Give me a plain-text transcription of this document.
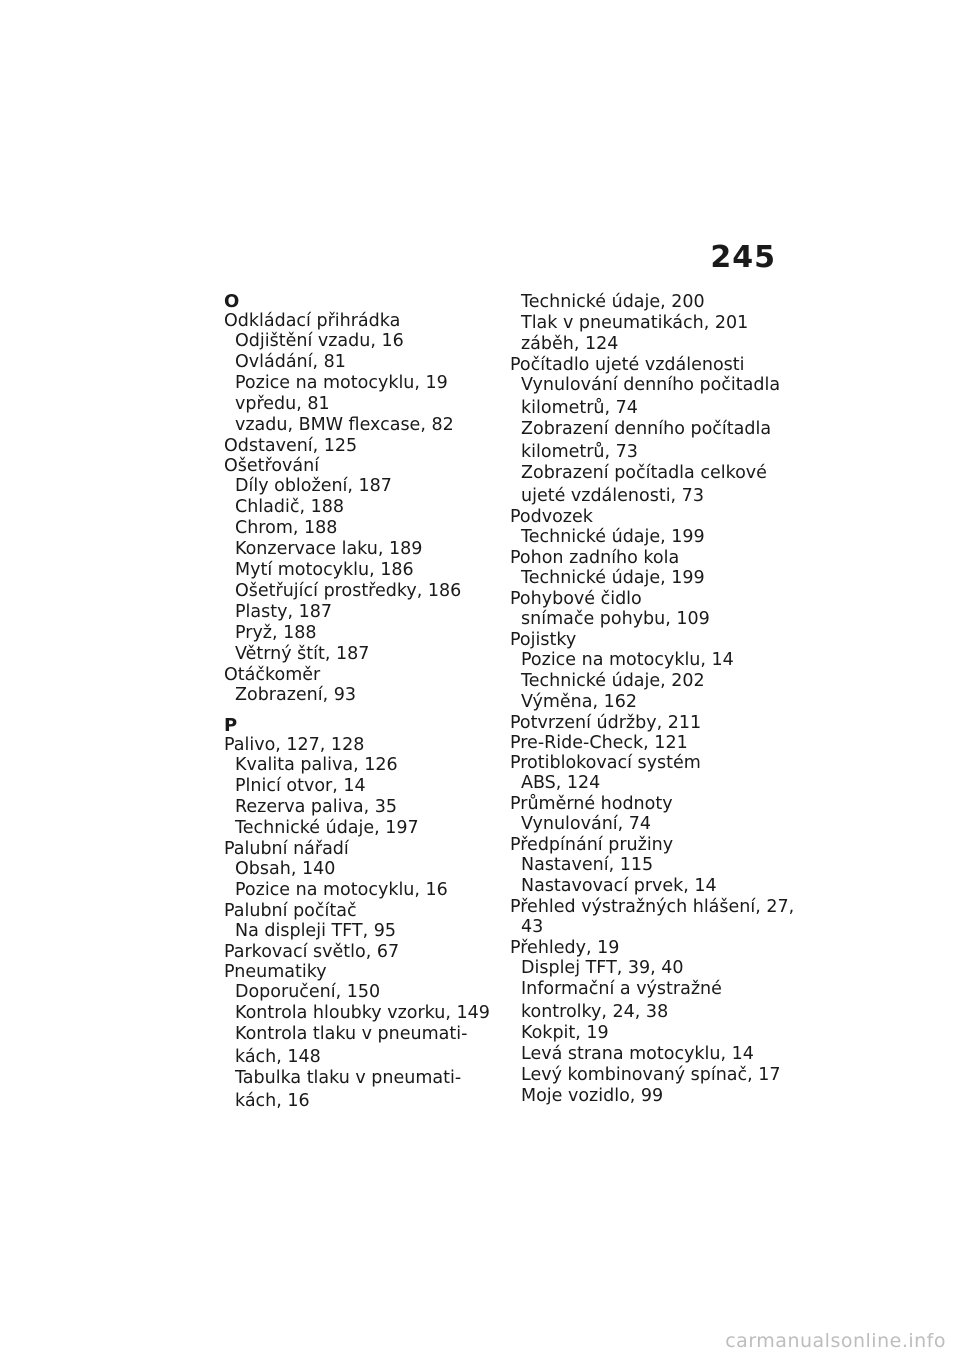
245
O
Odkládací přihrádka
Odjištění vzadu, 16
Ovládání, 81
Pozice na motocyklu, 19
vpředu, 81
vzadu, BMW flexcase, 82
Odstavení, 125
Ošetřování
Díly obložení, 187
Chladič, 188
Chrom, 188
Konzervace laku, 189
Mytí motocyklu, 186
Ošetřující prostředky, 186
Plasty, 187
Pryž, 188
Větrný štít, 187
Otáčkoměr
Zobrazení, 93
P
Palivo, 127, 128
Kvalita paliva, 126
Plnicí otvor, 14
Rezerva paliva, 35
Technické údaje, 197
Palubní nářadí
Obsah, 140
Pozice na motocyklu, 16
Palubní počítač
Na displeji TFT, 95
Parkovací světlo, 67
Pneumatiky
Doporučení, 150
Kontrola hloubky vzorku, 149
Kontrola tlaku v pneumati-
kách, 148
Tabulka tlaku v pneumati-
kách, 16
Technické údaje, 200
Tlak v pneumatikách, 201
záběh, 124
Počítadlo ujeté vzdálenosti
Vynulování denního počitadla
kilometrů, 74
Zobrazení denního počítadla
kilometrů, 73
Zobrazení počítadla celkové
ujeté vzdálenosti, 73
Podvozek
Technické údaje, 199
Pohon zadního kola
Technické údaje, 199
Pohybové čidlo
snímače pohybu, 109
Pojistky
Pozice na motocyklu, 14
Technické údaje, 202
Výměna, 162
Potvrzení údržby, 211
Pre-Ride-Check, 121
Protiblokovací systém
ABS, 124
Průměrné hodnoty
Vynulování, 74
Předpínání pružiny
Nastavení, 115
Nastavovací prvek, 14
Přehled výstražných hlášení, 27,
43
Přehledy, 19
Displej TFT, 39, 40
Informační a výstražné
kontrolky, 24, 38
Kokpit, 19
Levá strana motocyklu, 14
Levý kombinovaný spínač, 17
Moje vozidlo, 99
carmanualsonline.info
